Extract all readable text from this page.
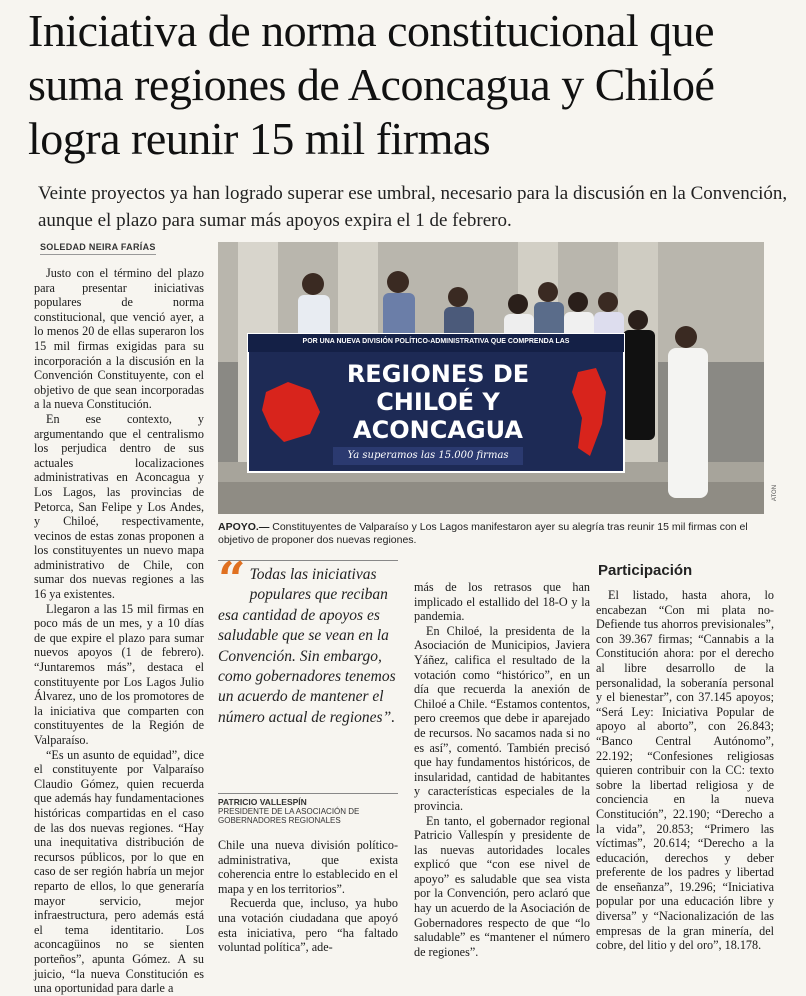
Iniciativa de norma constitucional que suma regiones de Aconcagua y Chiloé logra reunir 15 mil firmas

Veinte proyectos ya han logrado superar ese umbral, necesario para la discusión en la Convención, aunque el plazo para sumar más apoyos expira el 1 de febrero.

SOLEDAD NEIRA FARÍAS

Justo con el término del plazo para presentar iniciativas populares de norma constitucional, que venció ayer, a lo menos 20 de ellas superaron los 15 mil firmas exigidas para su incorporación a la discusión en la Convención Constituyente, con el objetivo de que sean incorporadas a la nueva Constitución.

En ese contexto, y argumentando que el centralismo los perjudica dentro de sus actuales localizaciones administrativas en Aconcagua y Los Lagos, las provincias de Petorca, San Felipe y Los Andes, y Chiloé, respectivamente, vecinos de estas zonas proponen a los constituyentes un nuevo mapa administrativo de Chile, con sumar dos nuevas regiones a las 16 ya existentes.

Llegaron a las 15 mil firmas en poco más de un mes, y a 10 días de que expire el plazo para sumar nuevos apoyos (1 de febrero). “Juntaremos más”, destaca el constituyente por Los Lagos Julio Álvarez, uno de los promotores de la iniciativa que comparten con constituyentes de la Región de Valparaíso.

“Es un asunto de equidad”, dice el constituyente por Valparaíso Claudio Gómez, quien recuerda que además hay fundamentaciones históricas compartidas en el caso de las dos nuevas regiones. “Hay una inequitativa distribución de recursos públicos, por lo que en caso de ser región habría un mejor reparto de ellos, lo que generaría mayor servicio, mejor infraestructura, pero además está el tema identitario. Los aconcagüinos no se sienten porteños”, apunta Gómez. A su juicio, “la nueva Constitución es una oportunidad para darle a

POR UNA NUEVA DIVISIÓN POLÍTICO-ADMINISTRATIVA QUE COMPRENDA LAS
REGIONES DE
CHILOÉ Y
ACONCAGUA
Ya superamos las 15.000 firmas
ATON
APOYO.— Constituyentes de Valparaíso y Los Lagos manifestaron ayer su alegría tras reunir 15 mil firmas con el objetivo de proponer dos nuevas regiones.
“ Todas las iniciativas populares que reciban esa cantidad de apoyos es saludable que se vean en la Convención. Sin embargo, como gobernadores tenemos un acuerdo de mantener el número actual de regiones”.
PATRICIO VALLESPÍN
PRESIDENTE DE LA ASOCIACIÓN DE GOBERNADORES REGIONALES

Chile una nueva división político-administrativa, que exista coherencia entre lo establecido en el mapa y en los territorios”.

Recuerda que, incluso, ya hubo una votación ciudadana que apoyó esta iniciativa, pero “ha faltado voluntad política”, ade-

más de los retrasos que han implicado el estallido del 18-O y la pandemia.

En Chiloé, la presidenta de la Asociación de Municipios, Javiera Yáñez, califica el resultado de la votación como “histórico”, en un día que recuerda la anexión de Chiloé a Chile. “Estamos contentos, pero creemos que debe ir aparejado de recursos. No sacamos nada si no es así”, comentó. También precisó que hay fundamentos históricos, de insularidad, cantidad de habitantes y características especiales de la provincia.

En tanto, el gobernador regional Patricio Vallespín y presidente de las nuevas autoridades locales explicó que “con ese nivel de apoyo” es saludable que sea vista por la Convención, pero aclaró que hay un acuerdo de la Asociación de Gobernadores respecto de que “lo saludable” es “mantener el número de regiones”.

Participación

El listado, hasta ahora, lo encabezan “Con mi plata no-Defiende tus ahorros previsionales”, con 39.367 firmas; “Cannabis a la Constitución ahora: por el derecho al libre desarrollo de la personalidad, la soberanía personal y el bienestar”, con 37.145 apoyos; “Será Ley: Iniciativa Popular de apoyo al aborto”, con 26.843; “Banco Central Autónomo”, 22.192; “Confesiones religiosas quieren contribuir con la CC: texto sobre la libertad religiosa y de conciencia en la nueva Constitución”, 22.190; “Derecho a la vida”, 20.853; “Primero las víctimas”, 20.614; “Derecho a la educación, derechos y deber preferente de los padres y libertad de enseñanza”, 19.296; “Iniciativa popular por una educación libre y diversa” y “Nacionalización de las empresas de la gran minería, del cobre, del litio y del oro”, 18.178.
